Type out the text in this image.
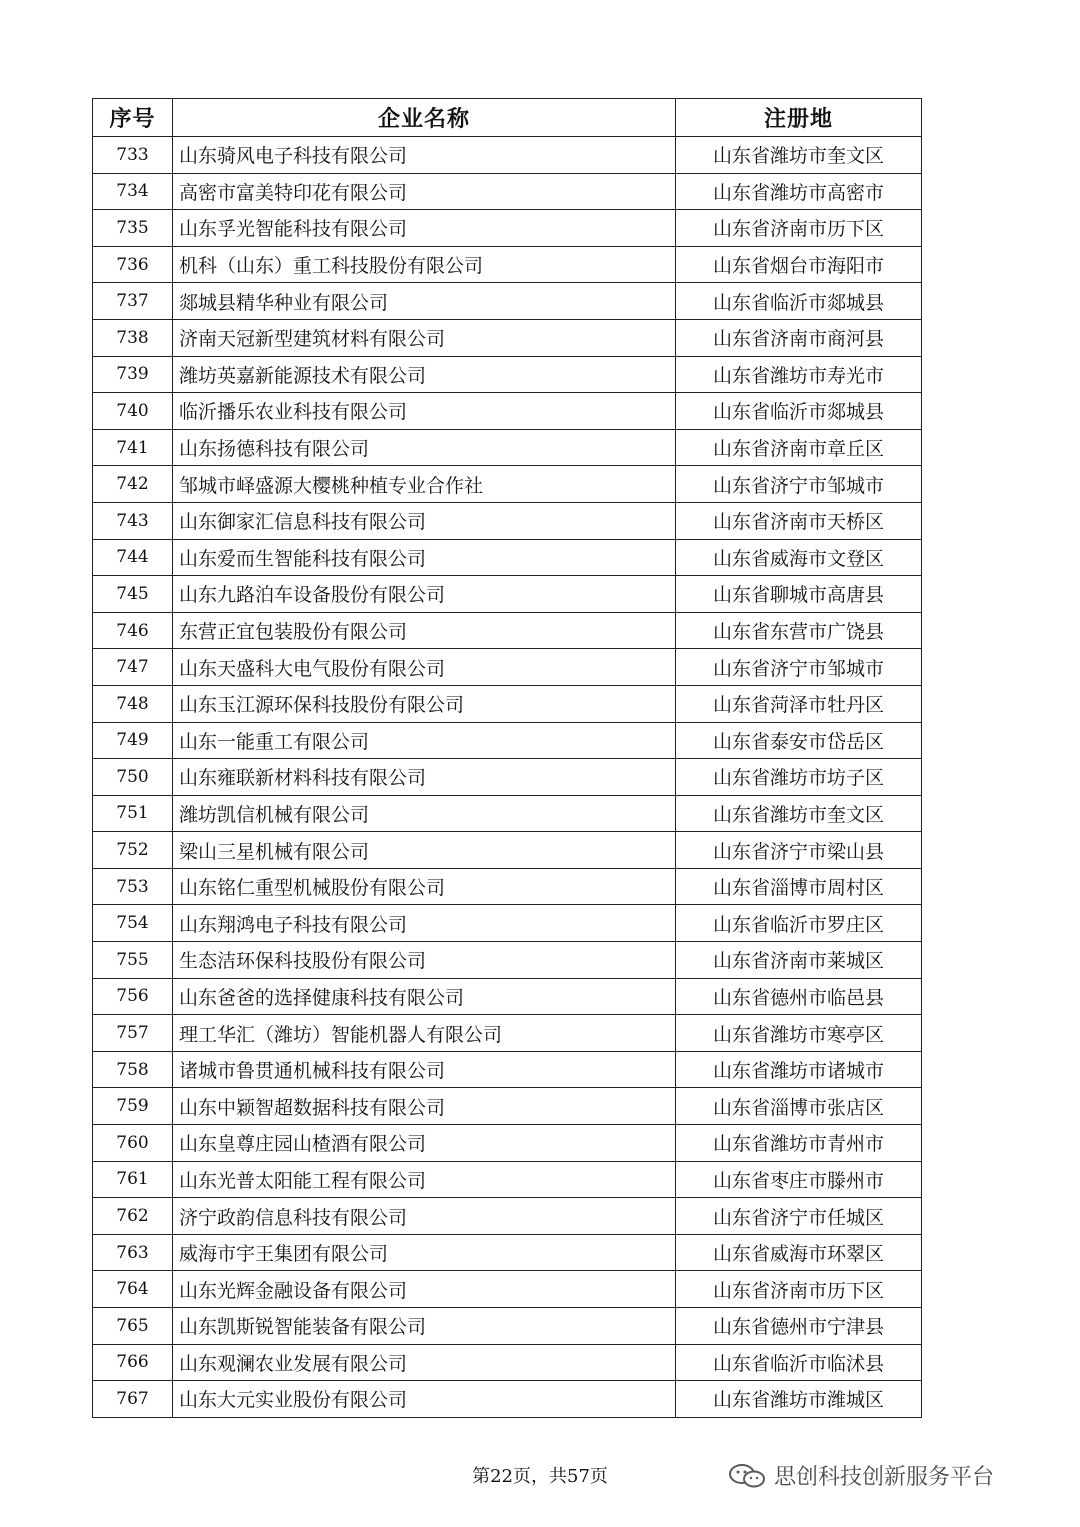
序号	企业名称	注册地
733	山东骑风电子科技有限公司	山东省潍坊市奎文区
734	高密市富美特印花有限公司	山东省潍坊市高密市
735	山东孚光智能科技有限公司	山东省济南市历下区
736	机科（山东）重工科技股份有限公司	山东省烟台市海阳市
737	郯城县精华种业有限公司	山东省临沂市郯城县
738	济南天冠新型建筑材料有限公司	山东省济南市商河县
739	潍坊英嘉新能源技术有限公司	山东省潍坊市寿光市
740	临沂播乐农业科技有限公司	山东省临沂市郯城县
741	山东扬德科技有限公司	山东省济南市章丘区
742	邹城市峄盛源大樱桃种植专业合作社	山东省济宁市邹城市
743	山东御家汇信息科技有限公司	山东省济南市天桥区
744	山东爱而生智能科技有限公司	山东省威海市文登区
745	山东九路泊车设备股份有限公司	山东省聊城市高唐县
746	东营正宜包装股份有限公司	山东省东营市广饶县
747	山东天盛科大电气股份有限公司	山东省济宁市邹城市
748	山东玉江源环保科技股份有限公司	山东省菏泽市牡丹区
749	山东一能重工有限公司	山东省泰安市岱岳区
750	山东雍联新材料科技有限公司	山东省潍坊市坊子区
751	潍坊凯信机械有限公司	山东省潍坊市奎文区
752	梁山三星机械有限公司	山东省济宁市梁山县
753	山东铭仁重型机械股份有限公司	山东省淄博市周村区
754	山东翔鸿电子科技有限公司	山东省临沂市罗庄区
755	生态洁环保科技股份有限公司	山东省济南市莱城区
756	山东爸爸的选择健康科技有限公司	山东省德州市临邑县
757	理工华汇（潍坊）智能机器人有限公司	山东省潍坊市寒亭区
758	诸城市鲁贯通机械科技有限公司	山东省潍坊市诸城市
759	山东中颖智超数据科技有限公司	山东省淄博市张店区
760	山东皇尊庄园山楂酒有限公司	山东省潍坊市青州市
761	山东光普太阳能工程有限公司	山东省枣庄市滕州市
762	济宁政韵信息科技有限公司	山东省济宁市任城区
763	威海市宇王集团有限公司	山东省威海市环翠区
764	山东光辉金融设备有限公司	山东省济南市历下区
765	山东凯斯锐智能装备有限公司	山东省德州市宁津县
766	山东观澜农业发展有限公司	山东省临沂市临沭县
767	山东大元实业股份有限公司	山东省潍坊市潍城区
第22页，共57页	思创科技创新服务平台
